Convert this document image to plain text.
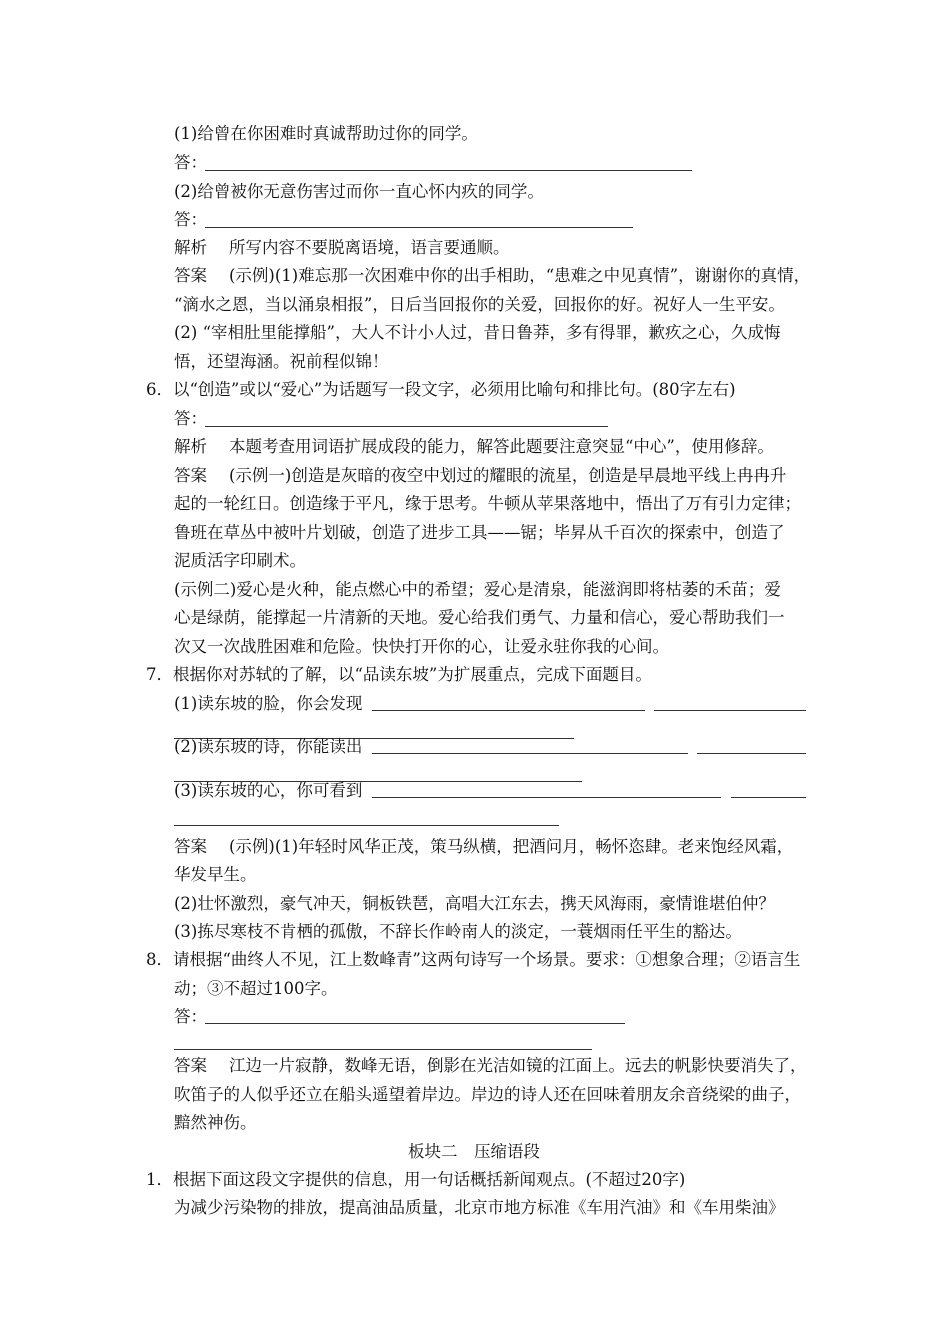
(1)给曾在你困难时真诚帮助过你的同学。
答：
(2)给曾被你无意伤害过而你一直心怀内疚的同学。
答：
解析 所写内容不要脱离语境，语言要通顺。
答案 (示例)(1)难忘那一次困难中你的出手相助，“患难之中见真情”，谢谢你的真情，
“滴水之恩，当以涌泉相报”，日后当回报你的关爱，回报你的好。祝好人一生平安。
(2) “宰相肚里能撑船”，大人不计小人过，昔日鲁莽，多有得罪，歉疚之心，久成悔
悟，还望海涵。祝前程似锦！
6．以“创造”或以“爱心”为话题写一段文字，必须用比喻句和排比句。(80字左右)
答：
解析 本题考查用词语扩展成段的能力，解答此题要注意突显“中心”，使用修辞。
答案 (示例一)创造是灰暗的夜空中划过的耀眼的流星，创造是早晨地平线上冉冉升
起的一轮红日。创造缘于平凡，缘于思考。牛顿从苹果落地中，悟出了万有引力定律；
鲁班在草丛中被叶片划破，创造了进步工具——锯；毕昇从千百次的探索中，创造了
泥质活字印刷术。
(示例二)爱心是火种，能点燃心中的希望；爱心是清泉，能滋润即将枯萎的禾苗；爱
心是绿荫，能撑起一片清新的天地。爱心给我们勇气、力量和信心，爱心帮助我们一
次又一次战胜困难和危险。快快打开你的心，让爱永驻你我的心间。
7．根据你对苏轼的了解，以“品读东坡”为扩展重点，完成下面题目。
(1)读东坡的脸，你会发现
(2)读东坡的诗，你能读出
(3)读东坡的心，你可看到
答案 (示例)(1)年轻时风华正茂，策马纵横，把酒问月，畅怀恣肆。老来饱经风霜，
华发早生。
(2)壮怀激烈，豪气冲天，铜板铁琶，高唱大江东去，携天风海雨，豪情谁堪伯仲？
(3)拣尽寒枝不肯栖的孤傲，不辞长作岭南人的淡定，一蓑烟雨任平生的豁达。
8．请根据“曲终人不见，江上数峰青”这两句诗写一个场景。要求：①想象合理；②语言生
动；③不超过100字。
答：
答案 江边一片寂静，数峰无语，倒影在光洁如镜的江面上。远去的帆影快要消失了，
吹笛子的人似乎还立在船头遥望着岸边。岸边的诗人还在回味着朋友余音绕梁的曲子，
黯然神伤。
板块二　压缩语段
1．根据下面这段文字提供的信息，用一句话概括新闻观点。(不超过20字)
为减少污染物的排放，提高油品质量，北京市地方标准《车用汽油》和《车用柴油》
